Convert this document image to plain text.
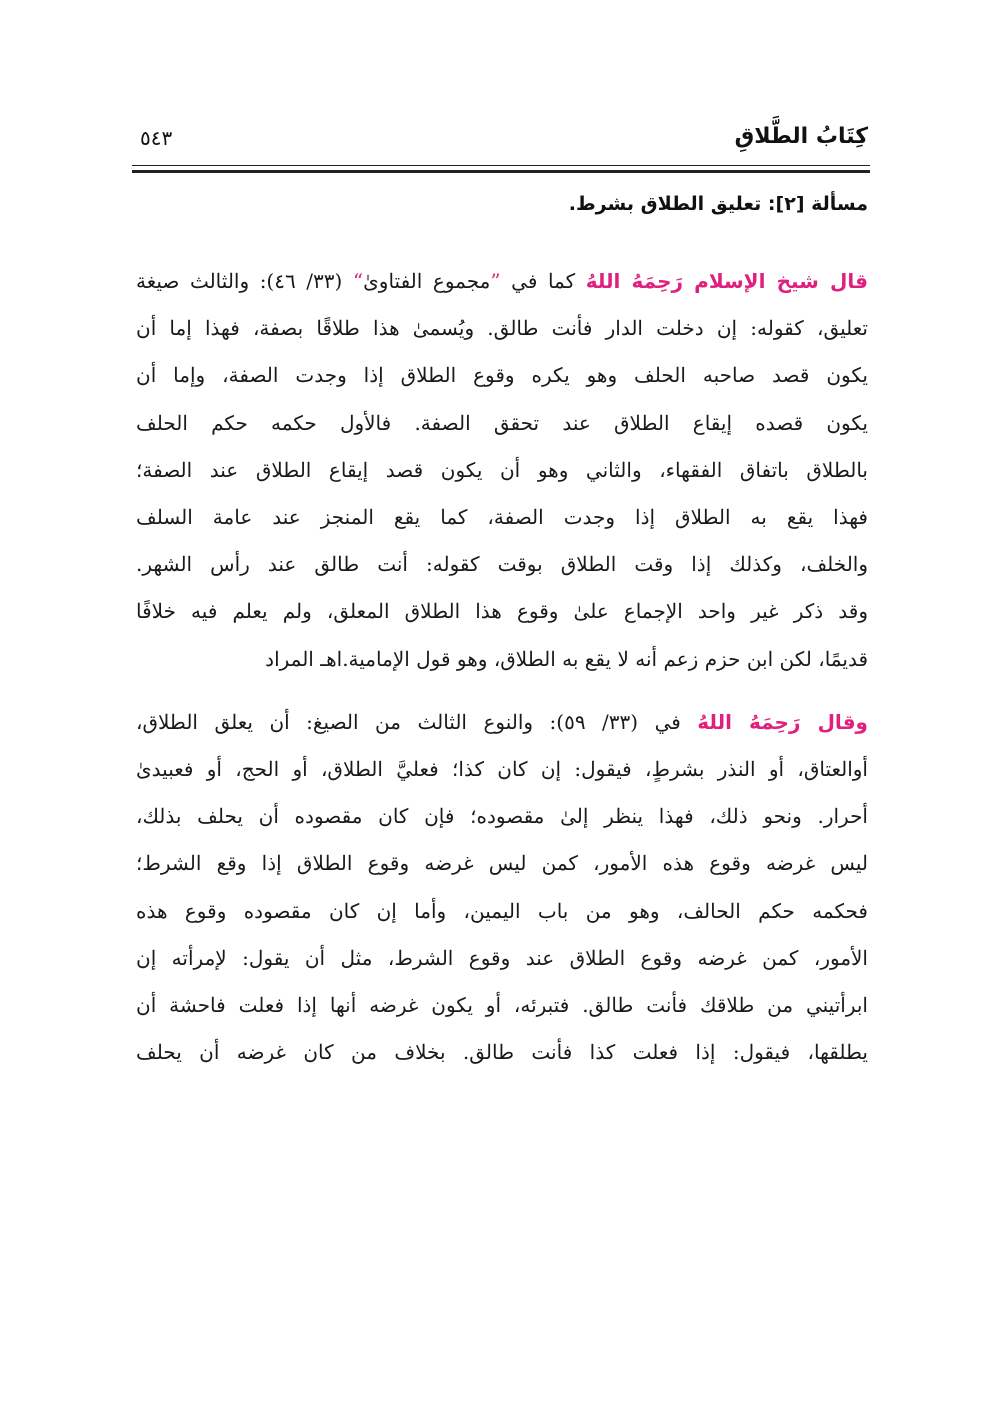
كِتَابُ الطَّلاقِ
٥٤٣
مسألة [٢]: تعليق الطلاق بشرط.
قال شيخ الإسلام رَحِمَهُ اللهُ كما في ”مجموع الفتاوىٰ“ (٣٣/ ٤٦): والثالث صيغة
تعليق، كقوله: إن دخلت الدار فأنت طالق. ويُسمىٰ هذا طلاقًا بصفة، فهذا إما أن
يكون قصد صاحبه الحلف وهو يكره وقوع الطلاق إذا وجدت الصفة، وإما أن
يكون قصده إيقاع الطلاق عند تحقق الصفة. فالأول حكمه حكم الحلف
بالطلاق باتفاق الفقهاء، والثاني وهو أن يكون قصد إيقاع الطلاق عند الصفة؛
فهذا يقع به الطلاق إذا وجدت الصفة، كما يقع المنجز عند عامة السلف
والخلف، وكذلك إذا وقت الطلاق بوقت كقوله: أنت طالق عند رأس الشهر.
وقد ذكر غير واحد الإجماع علىٰ وقوع هذا الطلاق المعلق، ولم يعلم فيه خلافًا
قديمًا، لكن ابن حزم زعم أنه لا يقع به الطلاق، وهو قول الإمامية.اهـ المراد
وقال رَحِمَهُ اللهُ في (٣٣/ ٥٩): والنوع الثالث من الصيغ: أن يعلق الطلاق،
أوالعتاق، أو النذر بشرطٍ، فيقول: إن كان كذا؛ فعليَّ الطلاق، أو الحج، أو فعبيدىٰ
أحرار. ونحو ذلك، فهذا ينظر إلىٰ مقصوده؛ فإن كان مقصوده أن يحلف بذلك،
ليس غرضه وقوع هذه الأمور، كمن ليس غرضه وقوع الطلاق إذا وقع الشرط؛
فحكمه حكم الحالف، وهو من باب اليمين، وأما إن كان مقصوده وقوع هذه
الأمور، كمن غرضه وقوع الطلاق عند وقوع الشرط، مثل أن يقول: لإمرأته إن
ابرأتيني من طلاقك فأنت طالق. فتبرئه، أو يكون غرضه أنها إذا فعلت فاحشة أن
يطلقها، فيقول: إذا فعلت كذا فأنت طالق. بخلاف من كان غرضه أن يحلف
